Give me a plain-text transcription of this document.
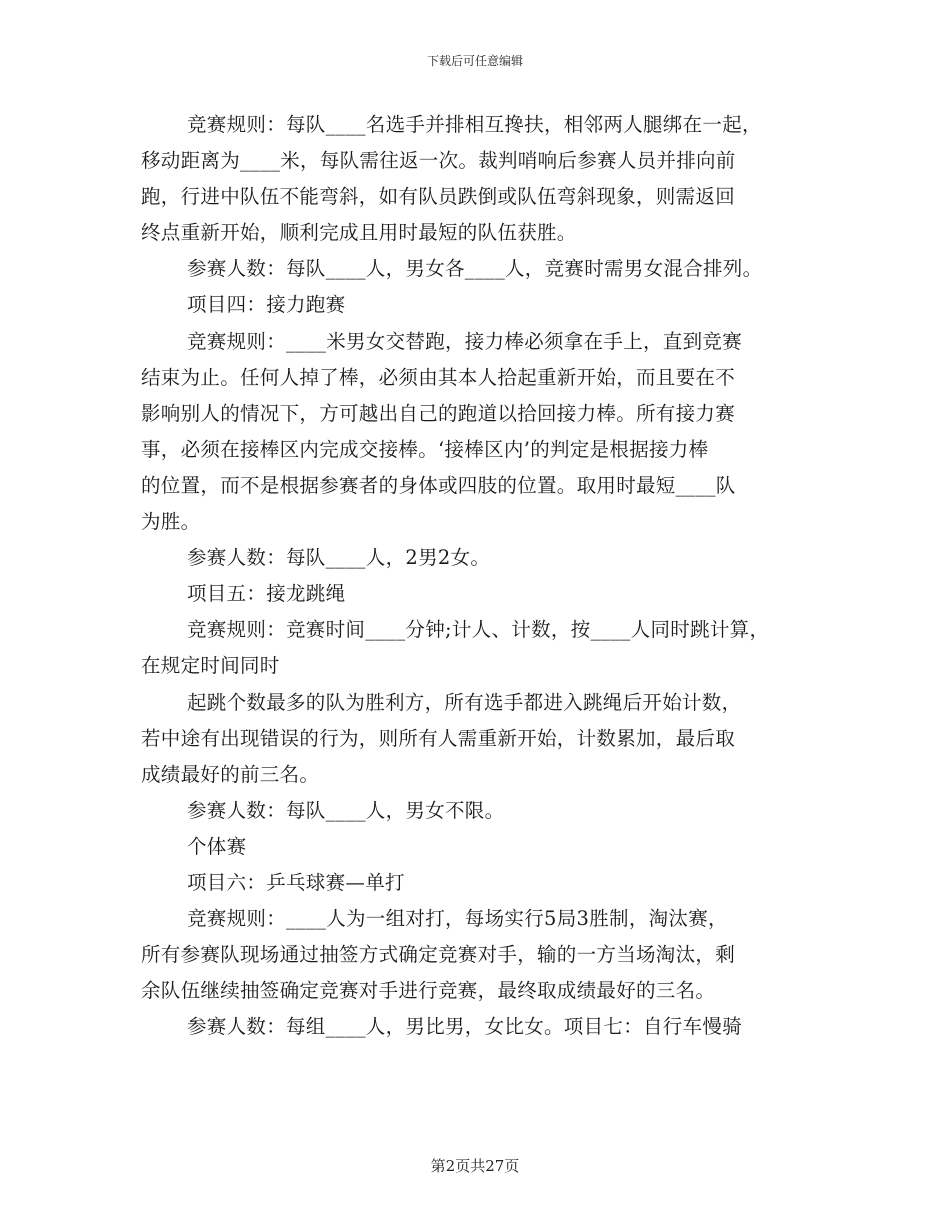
下载后可任意编辑
竞赛规则：每队____名选手并排相互搀扶，相邻两人腿绑在一起，
移动距离为____米，每队需往返一次。裁判哨响后参赛人员并排向前
跑，行进中队伍不能弯斜，如有队员跌倒或队伍弯斜现象，则需返回
终点重新开始，顺利完成且用时最短的队伍获胜。
参赛人数：每队____人，男女各____人，竞赛时需男女混合排列。
项目四：接力跑赛
竞赛规则：____米男女交替跑，接力棒必须拿在手上，直到竞赛
结束为止。任何人掉了棒，必须由其本人拾起重新开始，而且要在不
影响别人的情况下，方可越出自己的跑道以拾回接力棒。所有接力赛
事，必须在接棒区内完成交接棒。‘接棒区内’的判定是根据接力棒
的位置，而不是根据参赛者的身体或四肢的位置。取用时最短____队
为胜。
参赛人数：每队____人，2男2女。
项目五：接龙跳绳
竞赛规则：竞赛时间____分钟;计人、计数，按____人同时跳计算，
在规定时间同时
起跳个数最多的队为胜利方，所有选手都进入跳绳后开始计数，
若中途有出现错误的行为，则所有人需重新开始，计数累加，最后取
成绩最好的前三名。
参赛人数：每队____人，男女不限。
个体赛
项目六：乒乓球赛—单打
竞赛规则：____人为一组对打，每场实行5局3胜制，淘汰赛，
所有参赛队现场通过抽签方式确定竞赛对手，输的一方当场淘汰，剩
余队伍继续抽签确定竞赛对手进行竞赛，最终取成绩最好的三名。
参赛人数：每组____人，男比男，女比女。项目七：自行车慢骑
第2页共27页
